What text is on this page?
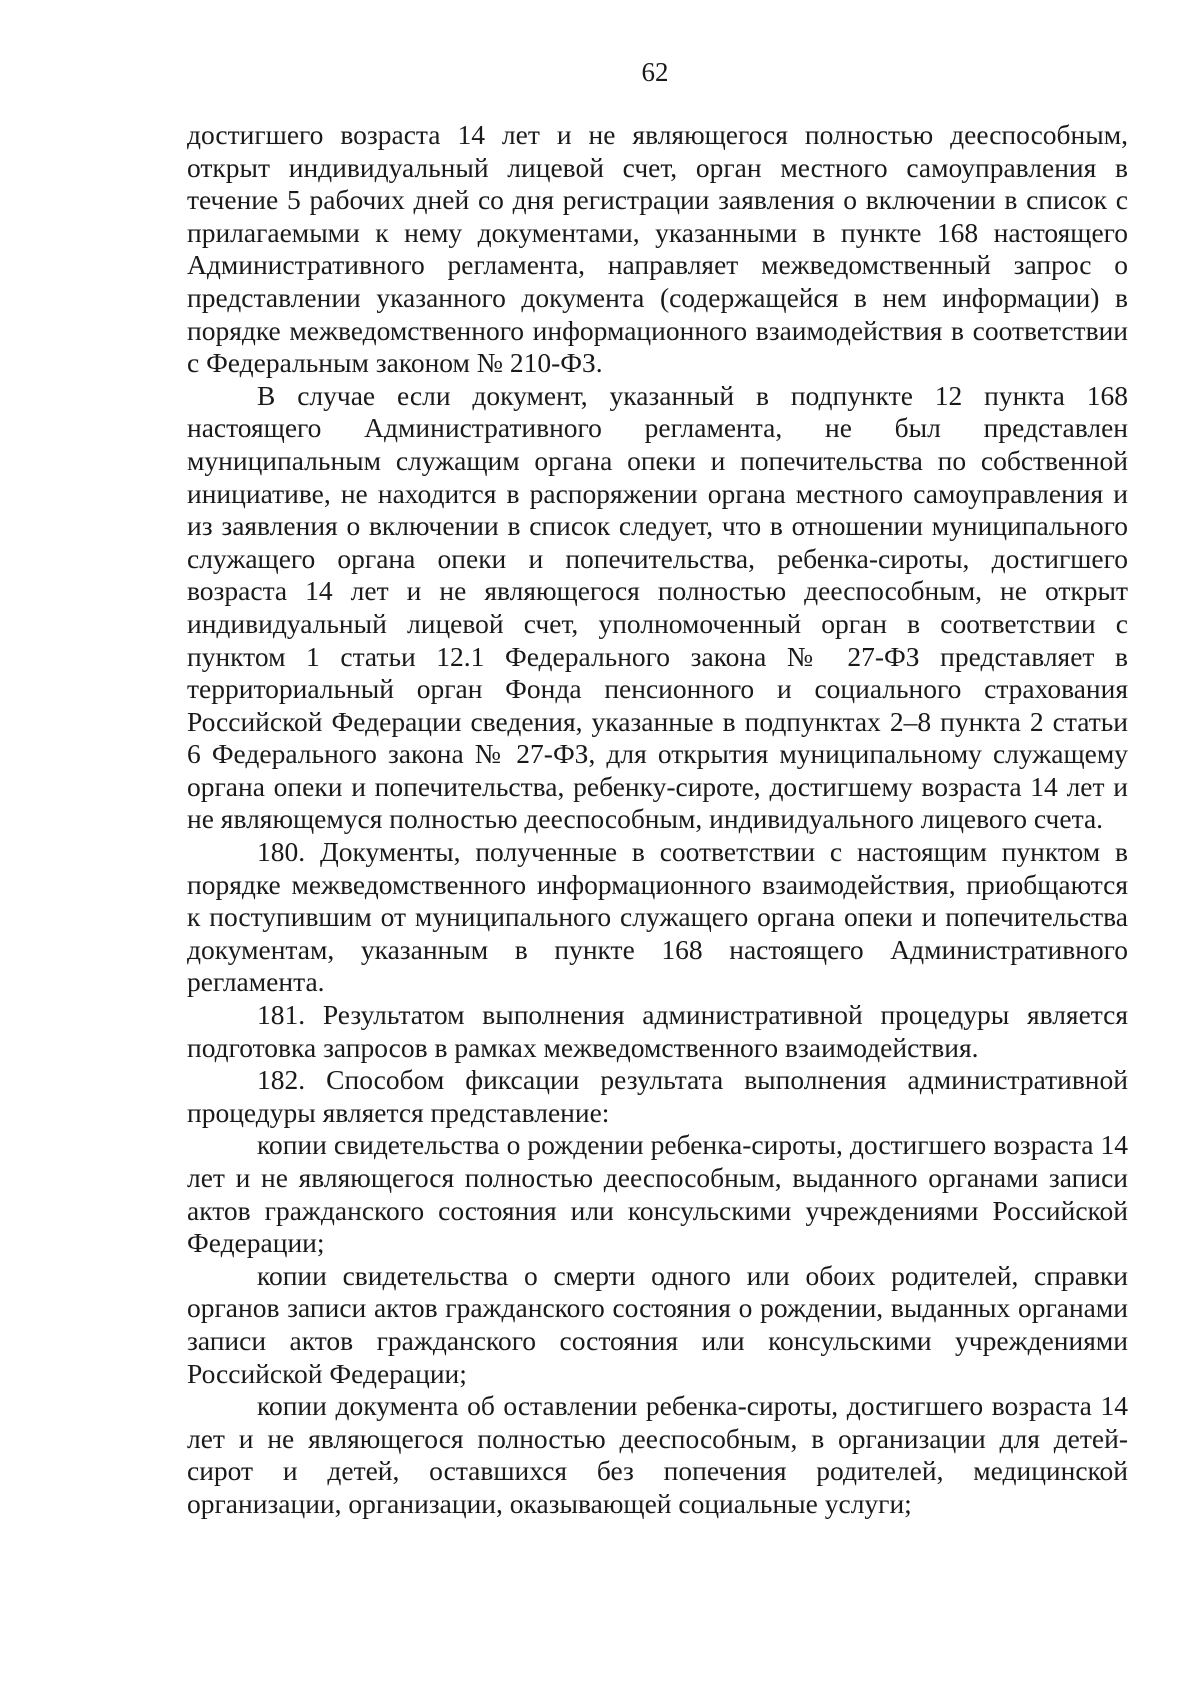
62

достигшего возраста 14 лет и не являющегося полностью дееспособным, открыт индивидуальный лицевой счет, орган местного самоуправления в течение 5 рабочих дней со дня регистрации заявления о включении в список с прилагаемыми к нему документами, указанными в пункте 168 настоящего Административного регламента, направляет межведомственный запрос о представлении указанного документа (содержащейся в нем информации) в порядке межведомственного информационного взаимодействия в соответствии с Федеральным законом № 210-ФЗ.

В случае если документ, указанный в подпункте 12 пункта 168 настоящего Административного регламента, не был представлен муниципальным служащим органа опеки и попечительства по собственной инициативе, не находится в распоряжении органа местного самоуправления и из заявления о включении в список следует, что в отношении муниципального служащего органа опеки и попечительства, ребенка-сироты, достигшего возраста 14 лет и не являющегося полностью дееспособным, не открыт индивидуальный лицевой счет, уполномоченный орган в соответствии с пунктом 1 статьи 12.1 Федерального закона № 27-ФЗ представляет в территориальный орган Фонда пенсионного и социального страхования Российской Федерации сведения, указанные в подпунктах 2–8 пункта 2 статьи 6 Федерального закона № 27-ФЗ, для открытия муниципальному служащему органа опеки и попечительства, ребенку-сироте, достигшему возраста 14 лет и не являющемуся полностью дееспособным, индивидуального лицевого счета.

180. Документы, полученные в соответствии с настоящим пунктом в порядке межведомственного информационного взаимодействия, приобщаются к поступившим от муниципального служащего органа опеки и попечительства документам, указанным в пункте 168 настоящего Административного регламента.

181. Результатом выполнения административной процедуры является подготовка запросов в рамках межведомственного взаимодействия.

182. Способом фиксации результата выполнения административной процедуры является представление:

копии свидетельства о рождении ребенка-сироты, достигшего возраста 14 лет и не являющегося полностью дееспособным, выданного органами записи актов гражданского состояния или консульскими учреждениями Российской Федерации;

копии свидетельства о смерти одного или обоих родителей, справки органов записи актов гражданского состояния о рождении, выданных органами записи актов гражданского состояния или консульскими учреждениями Российской Федерации;

копии документа об оставлении ребенка-сироты, достигшего возраста 14 лет и не являющегося полностью дееспособным, в организации для детей-сирот и детей, оставшихся без попечения родителей, медицинской организации, организации, оказывающей социальные услуги;
